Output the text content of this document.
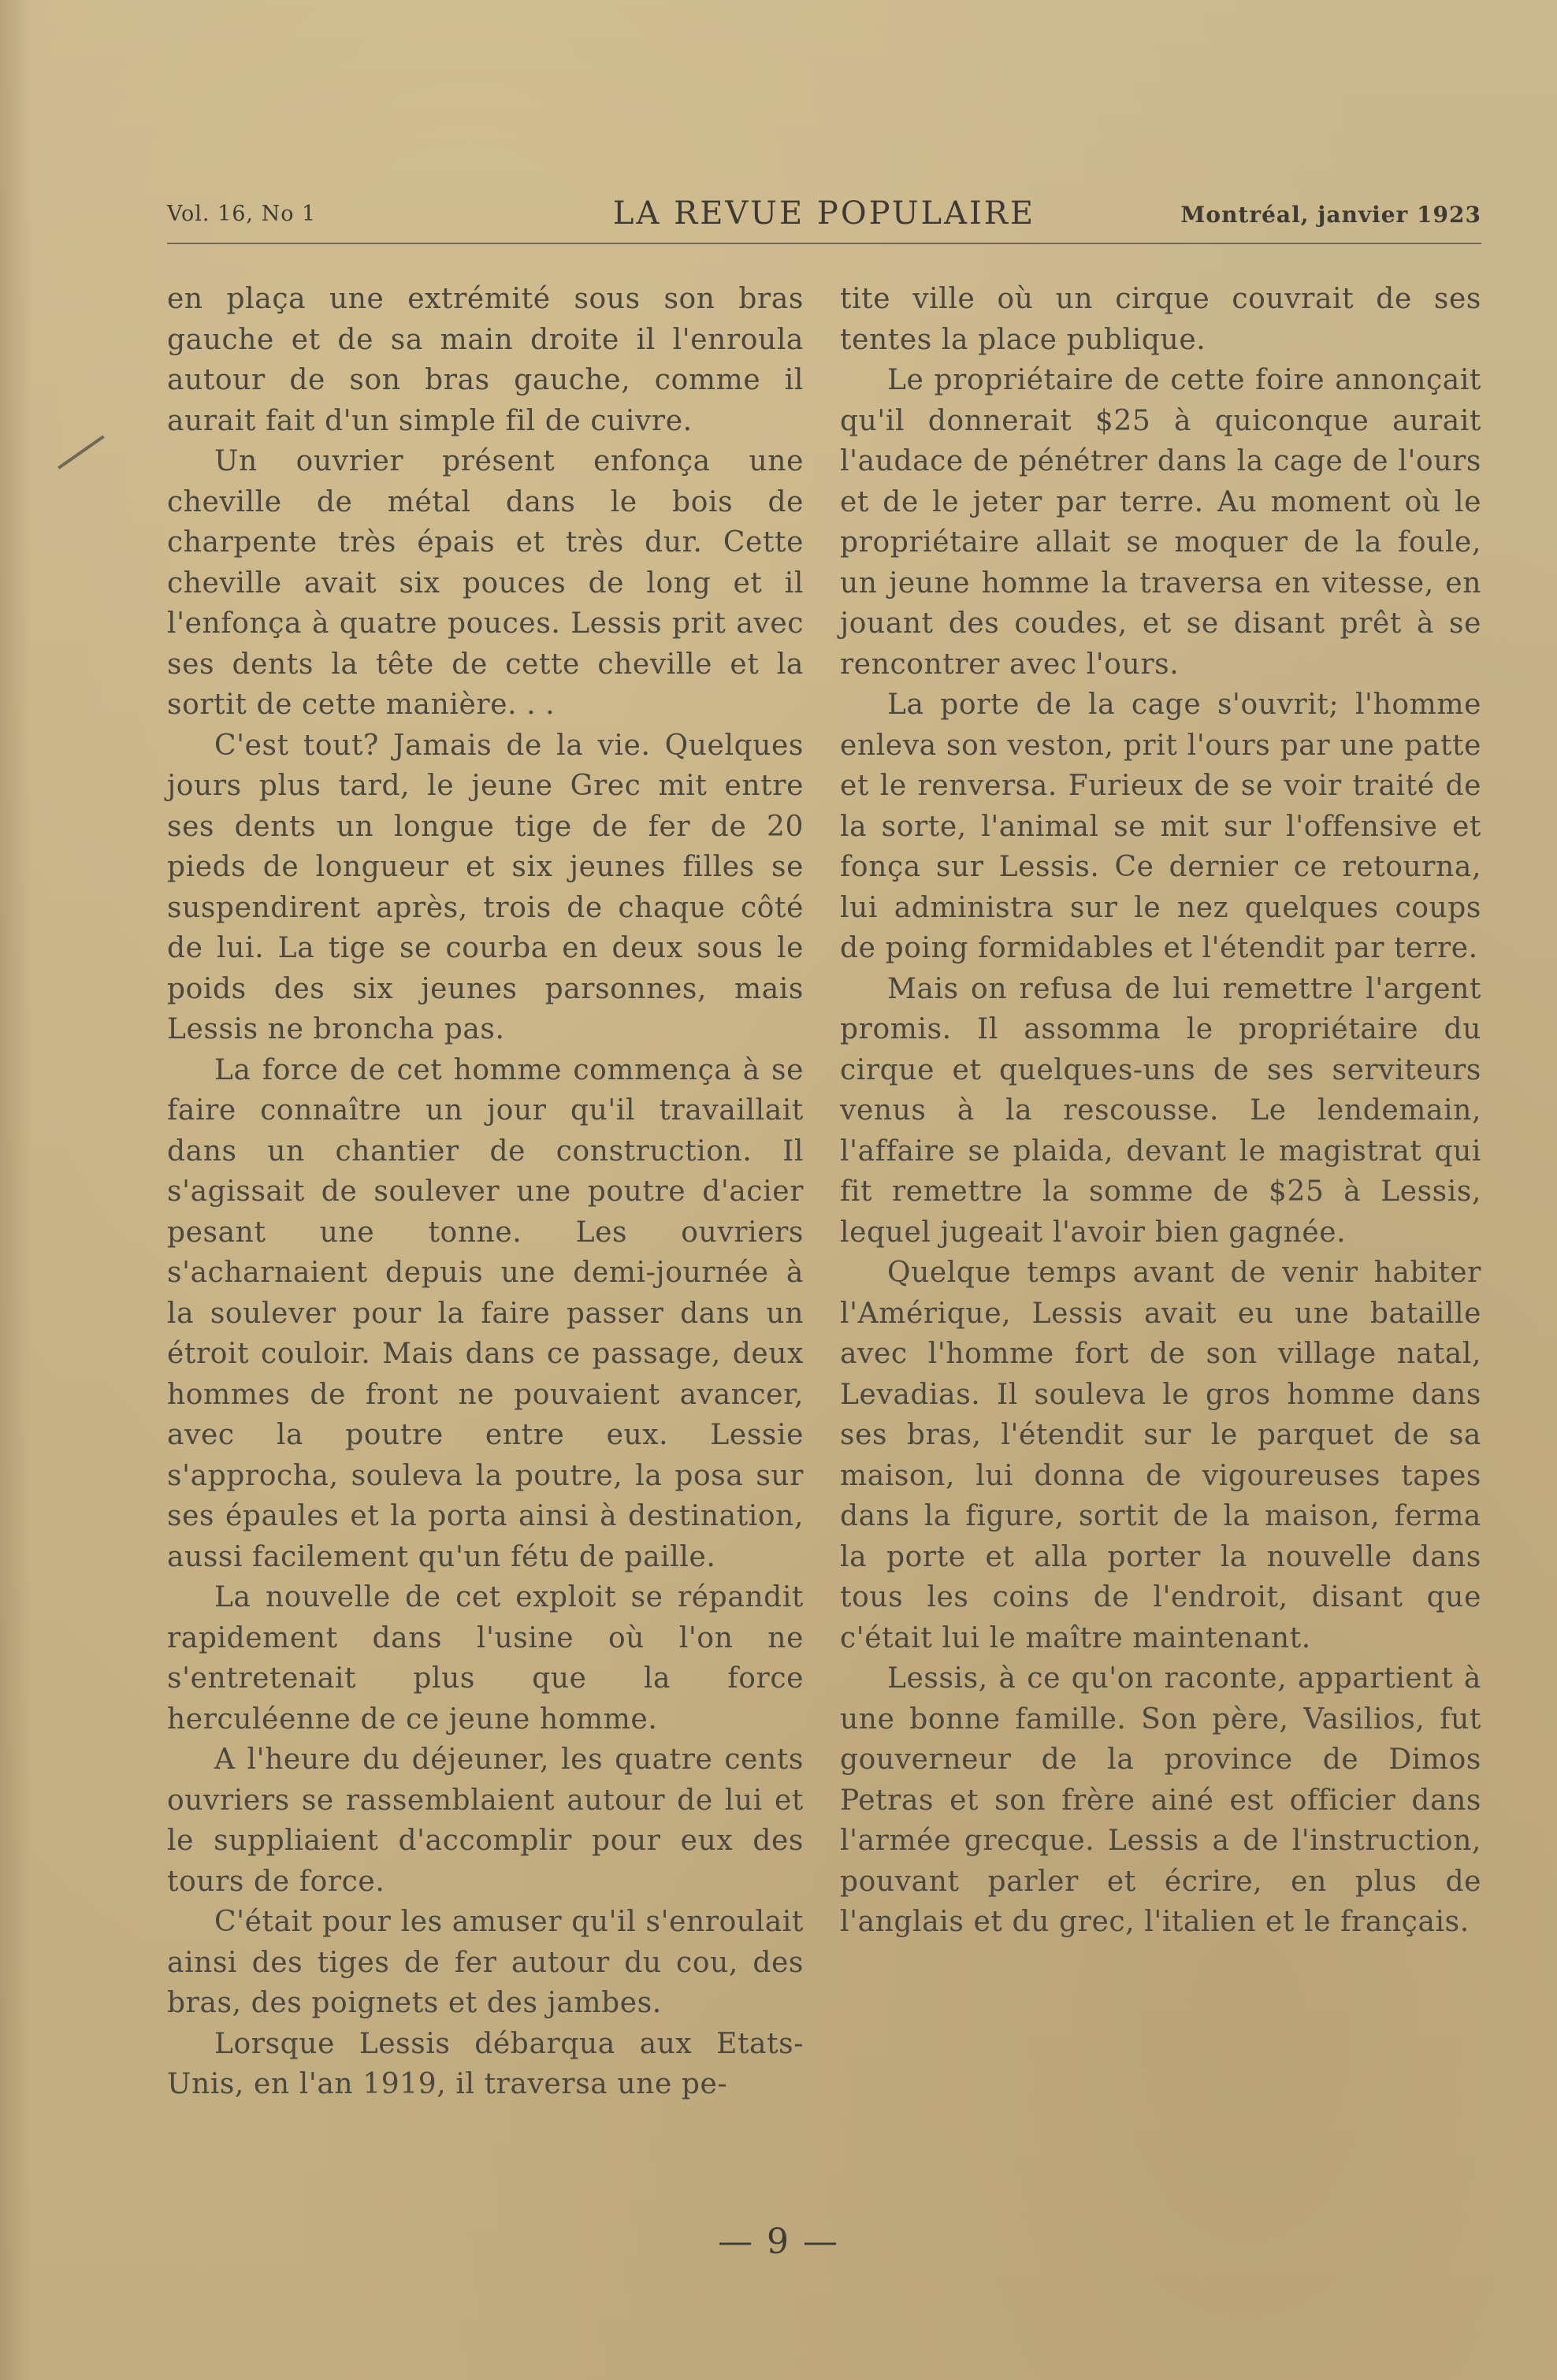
Vol. 16, No 1	LA REVUE POPULAIRE	Montréal, janvier 1923

en plaça une extrémité sous son bras gauche et de sa main droite il l'enroula autour de son bras gauche, comme il aurait fait d'un simple fil de cuivre.

Un ouvrier présent enfonça une cheville de métal dans le bois de charpente très épais et très dur. Cette cheville avait six pouces de long et il l'enfonça à quatre pouces. Lessis prit avec ses dents la tête de cette cheville et la sortit de cette manière. . .

C'est tout? Jamais de la vie. Quelques jours plus tard, le jeune Grec mit entre ses dents un longue tige de fer de 20 pieds de longueur et six jeunes filles se suspendirent après, trois de chaque côté de lui. La tige se courba en deux sous le poids des six jeunes parsonnes, mais Lessis ne broncha pas.

La force de cet homme commença à se faire connaître un jour qu'il travaillait dans un chantier de construction. Il s'agissait de soulever une poutre d'acier pesant une tonne. Les ouvriers s'acharnaient depuis une demi-journée à la soulever pour la faire passer dans un étroit couloir. Mais dans ce passage, deux hommes de front ne pouvaient avancer, avec la poutre entre eux. Lessie s'approcha, souleva la poutre, la posa sur ses épaules et la porta ainsi à destination, aussi facilement qu'un fétu de paille.

La nouvelle de cet exploit se répandit rapidement dans l'usine où l'on ne s'entretenait plus que la force herculéenne de ce jeune homme.

A l'heure du déjeuner, les quatre cents ouvriers se rassemblaient autour de lui et le suppliaient d'accomplir pour eux des tours de force.

C'était pour les amuser qu'il s'enroulait ainsi des tiges de fer autour du cou, des bras, des poignets et des jambes.

Lorsque Lessis débarqua aux Etats-Unis, en l'an 1919, il traversa une pe-

tite ville où un cirque couvrait de ses tentes la place publique.

Le propriétaire de cette foire annonçait qu'il donnerait $25 à quiconque aurait l'audace de pénétrer dans la cage de l'ours et de le jeter par terre. Au moment où le propriétaire allait se moquer de la foule, un jeune homme la traversa en vitesse, en jouant des coudes, et se disant prêt à se rencontrer avec l'ours.

La porte de la cage s'ouvrit; l'homme enleva son veston, prit l'ours par une patte et le renversa. Furieux de se voir traité de la sorte, l'animal se mit sur l'offensive et fonça sur Lessis. Ce dernier ce retourna, lui administra sur le nez quelques coups de poing formidables et l'étendit par terre.

Mais on refusa de lui remettre l'argent promis. Il assomma le propriétaire du cirque et quelques-uns de ses serviteurs venus à la rescousse. Le lendemain, l'affaire se plaida, devant le magistrat qui fit remettre la somme de $25 à Lessis, lequel jugeait l'avoir bien gagnée.

Quelque temps avant de venir habiter l'Amérique, Lessis avait eu une bataille avec l'homme fort de son village natal, Levadias. Il souleva le gros homme dans ses bras, l'étendit sur le parquet de sa maison, lui donna de vigoureuses tapes dans la figure, sortit de la maison, ferma la porte et alla porter la nouvelle dans tous les coins de l'endroit, disant que c'était lui le maître maintenant.

Lessis, à ce qu'on raconte, appartient à une bonne famille. Son père, Vasilios, fut gouverneur de la province de Dimos Petras et son frère ainé est officier dans l'armée grecque. Lessis a de l'instruction, pouvant parler et écrire, en plus de l'anglais et du grec, l'italien et le français.

— 9 —
